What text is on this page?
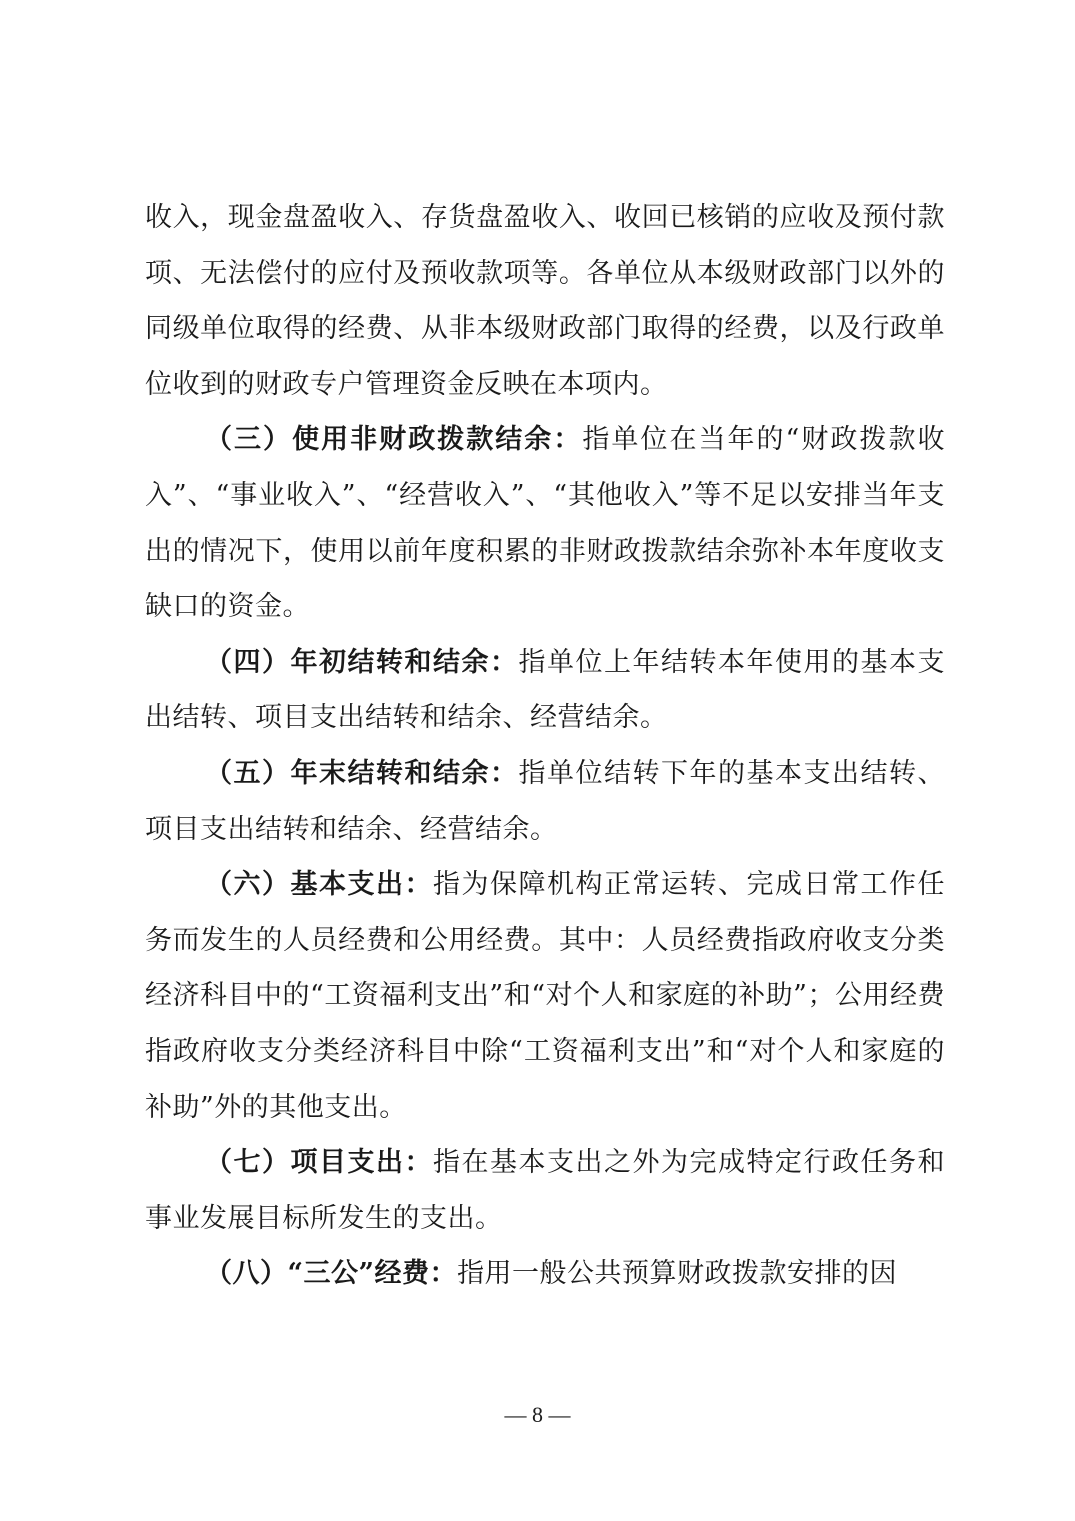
收入，现金盘盈收入、存货盘盈收入、收回已核销的应收及预付款项、无法偿付的应付及预收款项等。各单位从本级财政部门以外的同级单位取得的经费、从非本级财政部门取得的经费，以及行政单位收到的财政专户管理资金反映在本项内。

（三）使用非财政拨款结余：指单位在当年的“财政拨款收入”、“事业收入”、“经营收入”、“其他收入”等不足以安排当年支出的情况下，使用以前年度积累的非财政拨款结余弥补本年度收支缺口的资金。

（四）年初结转和结余：指单位上年结转本年使用的基本支出结转、项目支出结转和结余、经营结余。

（五）年末结转和结余：指单位结转下年的基本支出结转、项目支出结转和结余、经营结余。

（六）基本支出：指为保障机构正常运转、完成日常工作任务而发生的人员经费和公用经费。其中：人员经费指政府收支分类经济科目中的“工资福利支出”和“对个人和家庭的补助”；公用经费指政府收支分类经济科目中除“工资福利支出”和“对个人和家庭的补助”外的其他支出。

（七）项目支出：指在基本支出之外为完成特定行政任务和事业发展目标所发生的支出。

（八）“三公”经费：指用一般公共预算财政拨款安排的因

— 8 —
